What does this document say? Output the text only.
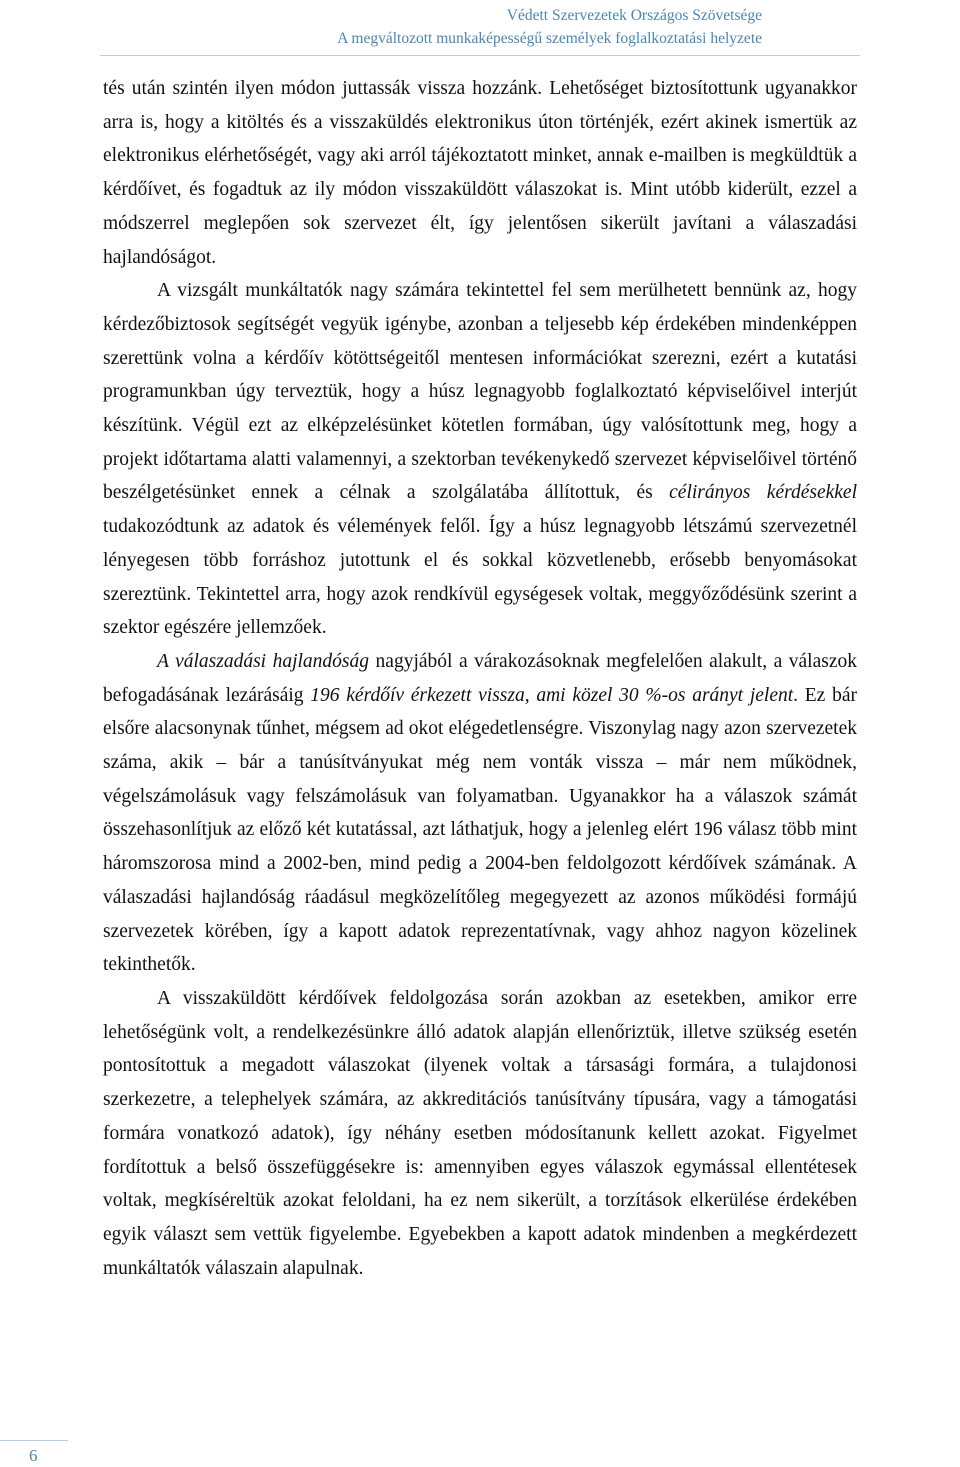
Védett Szervezetek Országos Szövetsége
A megváltozott munkaképességű személyek foglalkoztatási helyzete

tés után szintén ilyen módon juttassák vissza hozzánk. Lehetőséget biztosítottunk ugyanakkor arra is, hogy a kitöltés és a visszaküldés elektronikus úton történjék, ezért akinek ismertük az elektronikus elérhetőségét, vagy aki arról tájékoztatott minket, annak e-mailben is megküldtük a kérdőívet, és fogadtuk az ily módon visszaküldött válaszokat is. Mint utóbb kiderült, ezzel a módszerrel meglepően sok szervezet élt, így jelentősen sikerült javítani a válaszadási hajlandóságot.

A vizsgált munkáltatók nagy számára tekintettel fel sem merülhetett bennünk az, hogy kérdezőbiztosok segítségét vegyük igénybe, azonban a teljesebb kép érdekében mindenképpen szerettünk volna a kérdőív kötöttségeitől mentesen információkat szerezni, ezért a kutatási programunkban úgy terveztük, hogy a húsz legnagyobb foglalkoztató képviselőivel interjút készítünk. Végül ezt az elképzelésünket kötetlen formában, úgy valósítottunk meg, hogy a projekt időtartama alatti valamennyi, a szektorban tevékenykedő szervezet képviselőivel történő beszélgetésünket ennek a célnak a szolgálatába állítottuk, és célirányos kérdésekkel tudakozódtunk az adatok és vélemények felől. Így a húsz legnagyobb létszámú szervezetnél lényegesen több forráshoz jutottunk el és sokkal közvetlenebb, erősebb benyomásokat szereztünk. Tekintettel arra, hogy azok rendkívül egységesek voltak, meggyőződésünk szerint a szektor egészére jellemzőek.

A válaszadási hajlandóság nagyjából a várakozásoknak megfelelően alakult, a válaszok befogadásának lezárásáig 196 kérdőív érkezett vissza, ami közel 30 %-os arányt jelent. Ez bár elsőre alacsonynak tűnhet, mégsem ad okot elégedetlenségre. Viszonylag nagy azon szervezetek száma, akik – bár a tanúsítványukat még nem vonták vissza – már nem működnek, végelszámolásuk vagy felszámolásuk van folyamatban. Ugyanakkor ha a válaszok számát összehasonlítjuk az előző két kutatással, azt láthatjuk, hogy a jelenleg elért 196 válasz több mint háromszorosa mind a 2002-ben, mind pedig a 2004-ben feldolgozott kérdőívek számának. A válaszadási hajlandóság ráadásul megközelítőleg megegyezett az azonos működési formájú szervezetek körében, így a kapott adatok reprezentatívnak, vagy ahhoz nagyon közelinek tekinthetők.

A visszaküldött kérdőívek feldolgozása során azokban az esetekben, amikor erre lehetőségünk volt, a rendelkezésünkre álló adatok alapján ellenőriztük, illetve szükség esetén pontosítottuk a megadott válaszokat (ilyenek voltak a társasági formára, a tulajdonosi szerkezetre, a telephelyek számára, az akkreditációs tanúsítvány típusára, vagy a támogatási formára vonatkozó adatok), így néhány esetben módosítanunk kellett azokat. Figyelmet fordítottuk a belső összefüggésekre is: amennyiben egyes válaszok egymással ellentétesek voltak, megkíséreltük azokat feloldani, ha ez nem sikerült, a torzítások elkerülése érdekében egyik választ sem vettük figyelembe. Egyebekben a kapott adatok mindenben a megkérdezett munkáltatók válaszain alapulnak.

6
